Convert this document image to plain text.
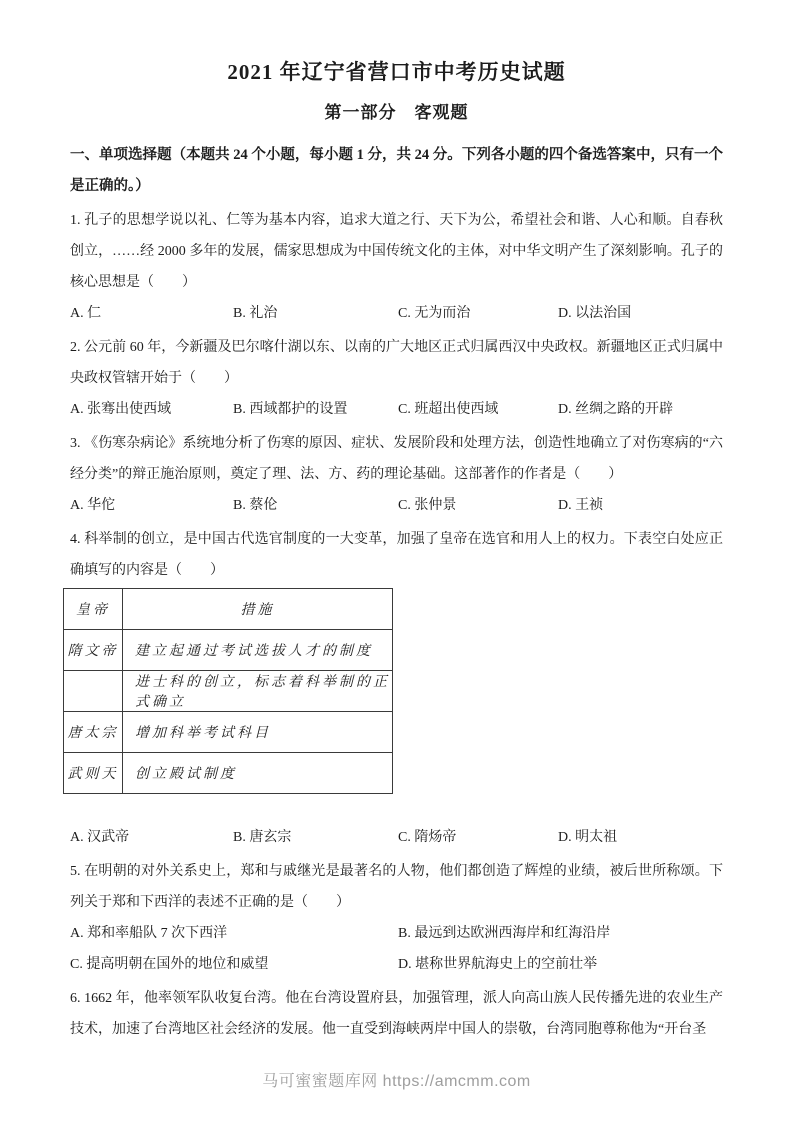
2021 年辽宁省营口市中考历史试题
第一部分　客观题
一、单项选择题（本题共 24 个小题，每小题 1 分，共 24 分。下列各小题的四个备选答案中，只有一个是正确的。）
1. 孔子的思想学说以礼、仁等为基本内容，追求大道之行、天下为公，希望社会和谐、人心和顺。自春秋创立，……经 2000 多年的发展，儒家思想成为中国传统文化的主体，对中华文明产生了深刻影响。孔子的核心思想是（　　）
A. 仁	B. 礼治	C. 无为而治	D. 以法治国
2. 公元前 60 年，今新疆及巴尔喀什湖以东、以南的广大地区正式归属西汉中央政权。新疆地区正式归属中央政权管辖开始于（　　）
A. 张骞出使西域	B. 西域都护的设置	C. 班超出使西域	D. 丝绸之路的开辟
3. 《伤寒杂病论》系统地分析了伤寒的原因、症状、发展阶段和处理方法，创造性地确立了对伤寒病的“六经分类”的辩正施治原则，奠定了理、法、方、药的理论基础。这部著作的作者是（　　）
A. 华佗	B. 蔡伦	C. 张仲景	D. 王祯
4. 科举制的创立，是中国古代选官制度的一大变革，加强了皇帝在选官和用人上的权力。下表空白处应正确填写的内容是（　　）
皇帝	措施
隋文帝	建立起通过考试选拔人才的制度
	进士科的创立，标志着科举制的正式确立
唐太宗	增加科举考试科目
武则天	创立殿试制度
A. 汉武帝	B. 唐玄宗	C. 隋炀帝	D. 明太祖
5. 在明朝的对外关系史上，郑和与戚继光是最著名的人物，他们都创造了辉煌的业绩，被后世所称颂。下列关于郑和下西洋的表述不正确的是（　　）
A. 郑和率船队 7 次下西洋	B. 最远到达欧洲西海岸和红海沿岸
C. 提高明朝在国外的地位和威望	D. 堪称世界航海史上的空前壮举
6. 1662 年，他率领军队收复台湾。他在台湾设置府县，加强管理，派人向高山族人民传播先进的农业生产技术，加速了台湾地区社会经济的发展。他一直受到海峡两岸中国人的崇敬，台湾同胞尊称他为“开台圣
马可蜜蜜题库网 https://amcmm.com
